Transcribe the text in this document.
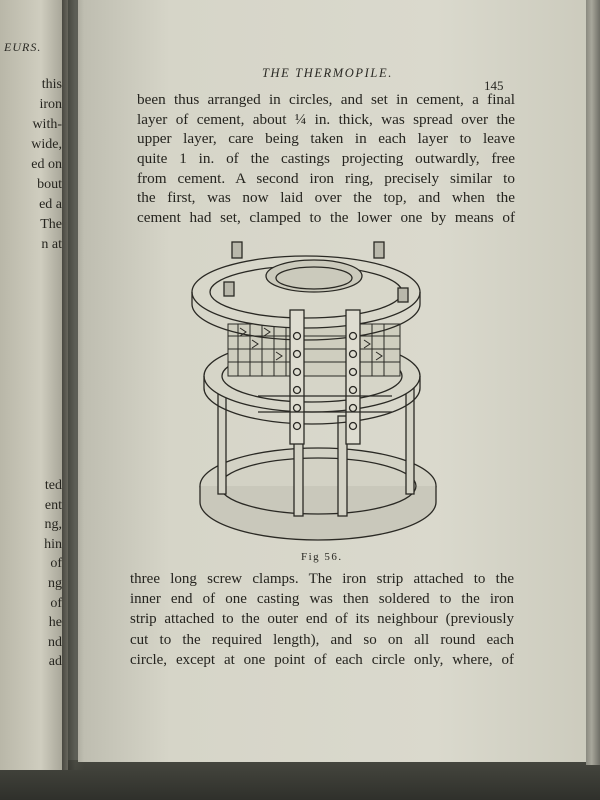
EURS.
this
iron
with-
wide,
ed on
bout
ed a
The
n at
ted
ent
ng,
hin
of
ng
of
he
nd
ad
THE THERMOPILE.
145
been thus arranged in circles, and set in cement, a final
layer of cement, about ¼ in. thick, was spread over the
upper layer, care being taken in each layer to leave
quite 1 in. of the castings projecting outwardly, free
from cement. A second iron ring, precisely similar to
the first, was now laid over the top, and when the
cement had set, clamped to the lower one by means of
Fig 56.
three long screw clamps. The iron strip attached to the
inner end of one casting was then soldered to the iron
strip attached to the outer end of its neighbour (previously
cut to the required length), and so on all round each
circle, except at one point of each circle only, where, of
